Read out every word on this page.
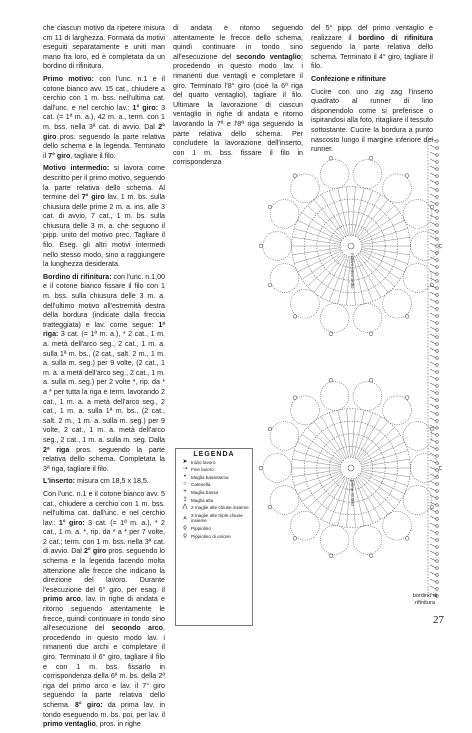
che ciascun motivo da ripetere misura cm 11 di larghezza. Formata da motivi eseguiti separatamente e uniti man mano fra loro, ed è completata da un bordino di rifinitura.

Primo motivo: con l'unc. n.1 e il cotone bianco avv. 15 cat., chiudere a cerchio con 1 m. bss. nell'ultima cat. dall'unc. e nel cerchio lav.: 1° giro: 3 cat. (= 1ª m. a.), 42 m. a., term. con 1 m. bss. nella 3ª cat. di avvio. Dal 2° giro pros. seguendo la parte relativa dello schema e la legenda. Terminato il 7° giro, tagliare il filo.

Motivo intermedio: si lavora come descritto per il primo motivo, seguendo la parte relativa dello schema. Al termine del 7° giro lav. 1 m. bs. sulla chiusura delle prime 2 m. a. ins. alle 3 cat. di avvio, 7 cat., 1 m. bs. sulla chiusura delle 3 m. a. che seguono il pipp. unito del motivo prec. Tagliare il filo. Eseg. gli altri motivi intermedi nello stesso modo, sino a raggiungere la lunghezza desiderata.

Bordino di rifinitura: con l'unc. n.1,00 e il cotone bianco fissare il filo con 1 m. bss. sulla chiusura delle 3 m. a. dell'ultimo motivo all'estremità destra della bordura (indicate dalla freccia tratteggiata) e lav. come segue: 1ª riga: 3 cat. (= 1ª m. a.), * 2 cat., 1 m. a. metà dell'arco seg., 2 cat., 1 m. a. sulla 1ª m. bs., (2 cat., salt. 2 m., 1 m. a. sulla m. seg.) per 9 volte, (2 cat., 1 m. a. a metà dell'arco seg., 2 cat., 1 m. a. sulla m. seg.) per 2 volte *, rip. da * a * per tutta la riga e term. lavorando 2 cat., 1 m. a. a metà dell'arco seg., 2 cat., 1 m. a. sulla 1ª m. bs., (2 cat., salt. 2 m., 1 m. a. sulla m. seg.) per 9 volte, 2 cat., 1 m. a. metà dell'arco seg., 2 cat., 1 m. a. sulla m. seg. Dalla 2ª riga pros. seguendo la parte relativa dello schema. Completata la 3ª riga, tagliare il filo.

L'inserto: misura cm 18,5 x 18,5.

Con l'unc. n.1 e il cotone bianco avv. 5 cat., chiudere a cerchio con 1 m. bss. nell'ultima cat. dall'unc. e nel cerchio lav.: 1° giro: 3 cat. (= 1ª m. a.), * 2 cat., 1 m. a. *, rip. da * a * per 7 volte, 2 cat.; term. con 1 m. bss. nella 3ª cat. di avvio. Dal 2° giro pros. seguendo lo schema e la legenda facendo molta attenzione alle frecce che indicano la direzione del lavoro. Durante l'esecuzione del 6° giro, per esag. il primo arco, lav. in righe di andata e ritorno seguendo attentamente le frecce, quindi continuare in tondo sino all'esecuzione del secondo arco, procedendo in questo modo lav. i rimanenti due archi e completare il giro. Terminato il 6° giro, tagliare il filo e con 1 m. bss. fissarlo in corrispondenza della 6ª m. bs. della 2ª riga del primo arco e lav. il 7° giro seguendo la parte relativa dello schema. 8° giro: da prima lav. in tondo eseguendo m. bs. poi, per lav. il primo ventaglio, pros. in righe

di andata e ritorno seguendo attentamente le frecce dello schema, quindi continuare in tondo sino all'esecuzione del secondo ventaglio; procedendo in questo modo lav. i rimanenti due ventagli e completare il giro. Terminato l'8° giro (cioè la 6ª riga del quarto ventaglio), tagliare il filo. Ultimare la lavorazione di ciascun ventaglio in righe di andata e ritorno lavorando la 7ª e l'8ª riga seguendo la parte relativa dello schema. Per concludere la lavorazione dell'inserto, con 1 m. bss. fissare il filo in corrispondenza

del 5° pipp. del primo ventaglio e realizzare il bordino di rifinitura seguendo la parte relativa dello schema. Terminato il 4° giro, tagliare il filo.

Confezione e rifiniture

Cucire con uno zig zag l'inserto quadrato al runner di lino disponendolo come si preferisce o ispirandosi alla foto, ritagliare il tessuto sottostante. Cucire la bordura a punto nascosto lungo il margine inferiore del runner.

motivo intermedio
primo motivo
LEGENDA
➤ Inizio lavoro
⇢ Fine lavoro
•	Maglia bassissima
○ Catenella
+ Maglia bassa
‡ Maglia alta
⋀ 2 maglie alte chiuse insieme
⩓ 2 maglie alte triple chiuse insieme
ϙ Pippiolino
ϙ Pippiolino di unione
bordino di rifinitura
27
